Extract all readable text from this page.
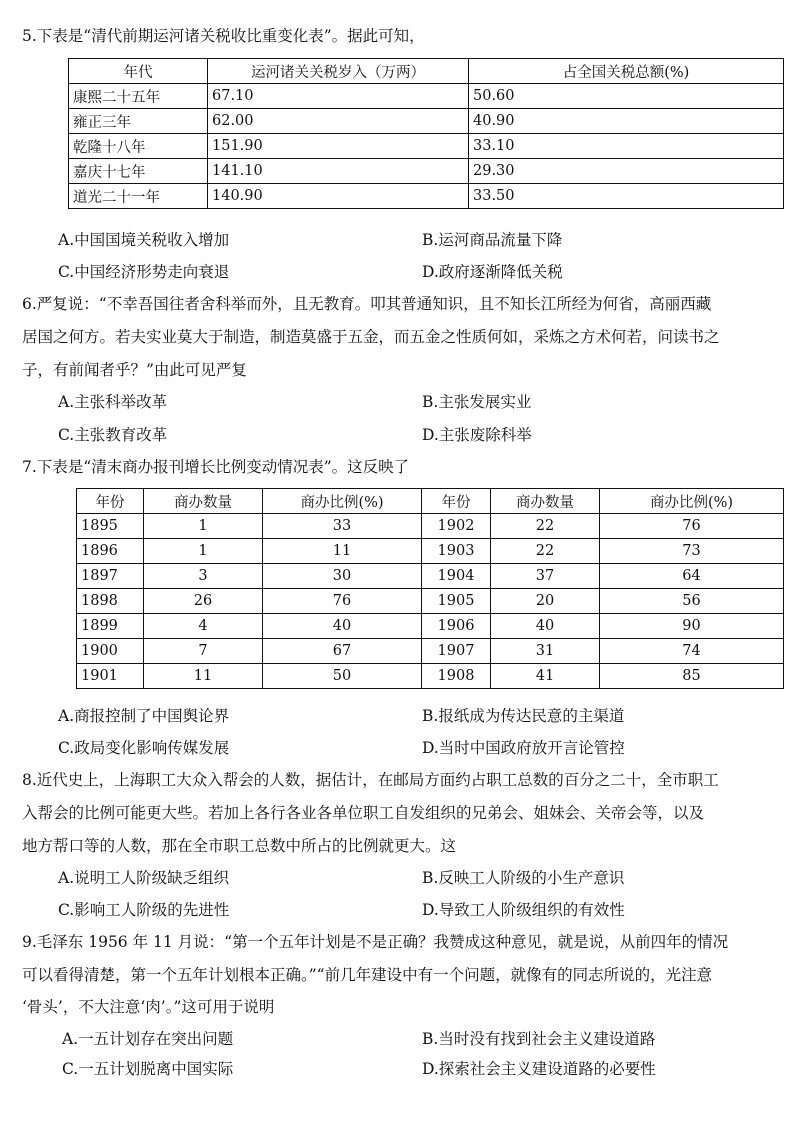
5.下表是“清代前期运河诸关税收比重变化表”。据此可知，
年代	运河诸关关税岁入（万两）	占全国关税总额(%)
康熙二十五年	67.10	50.60
雍正三年	62.00	40.90
乾隆十八年	151.90	33.10
嘉庆十七年	141.10	29.30
道光二十一年	140.90	33.50
A.中国国境关税收入增加	B.运河商品流量下降
C.中国经济形势走向衰退	D.政府逐渐降低关税
6.严复说：“不幸吾国往者舍科举而外，且无教育。叩其普通知识，且不知长江所经为何省，高丽西藏
居国之何方。若夫实业莫大于制造，制造莫盛于五金，而五金之性质何如，采炼之方术何若，问读书之
子，有前闻者乎？”由此可见严复
A.主张科举改革	B.主张发展实业
C.主张教育改革	D.主张废除科举
7.下表是“清末商办报刊增长比例变动情况表”。这反映了
年份	商办数量	商办比例(%)	年份	商办数量	商办比例(%)
1895	1	33	1902	22	76
1896	1	11	1903	22	73
1897	3	30	1904	37	64
1898	26	76	1905	20	56
1899	4	40	1906	40	90
1900	7	67	1907	31	74
1901	11	50	1908	41	85
A.商报控制了中国舆论界	B.报纸成为传达民意的主渠道
C.政局变化影响传媒发展	D.当时中国政府放开言论管控
8.近代史上，上海职工大众入帮会的人数，据估计，在邮局方面约占职工总数的百分之二十，全市职工
入帮会的比例可能更大些。若加上各行各业各单位职工自发组织的兄弟会、姐妹会、关帝会等，以及
地方帮口等的人数，那在全市职工总数中所占的比例就更大。这
A.说明工人阶级缺乏组织	B.反映工人阶级的小生产意识
C.影响工人阶级的先进性	D.导致工人阶级组织的有效性
9.毛泽东 1956 年 11 月说：“第一个五年计划是不是正确？我赞成这种意见，就是说，从前四年的情况
可以看得清楚，第一个五年计划根本正确。”“前几年建设中有一个问题，就像有的同志所说的，光注意
‘骨头’，不大注意‘肉’。”这可用于说明
A.一五计划存在突出问题	B.当时没有找到社会主义建设道路
C.一五计划脱离中国实际	D.探索社会主义建设道路的必要性
